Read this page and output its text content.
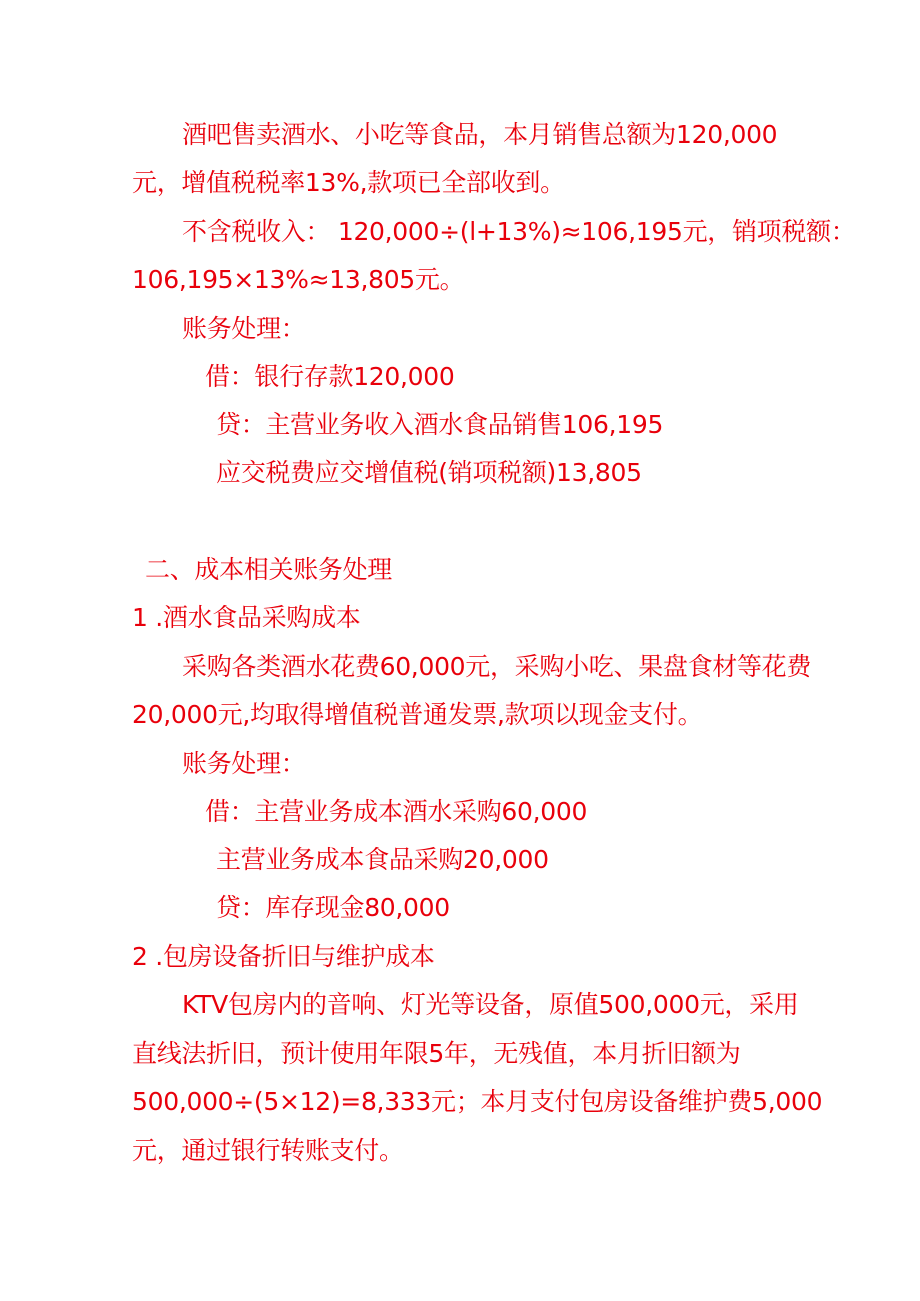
酒吧售卖酒水、小吃等食品，本月销售总额为120,000
元，增值税税率13%,款项已全部收到。
不含税收入： 120,000÷(l+13%)≈106,195元，销项税额：
106,195×13%≈13,805元。
账务处理：
借：银行存款120,000
贷：主营业务收入酒水食品销售106,195
应交税费应交增值税(销项税额)13,805
二、成本相关账务处理
1 .酒水食品采购成本
采购各类酒水花费60,000元，采购小吃、果盘食材等花费
20,000元,均取得增值税普通发票,款项以现金支付。
账务处理：
借：主营业务成本酒水采购60,000
主营业务成本食品采购20,000
贷：库存现金80,000
2 .包房设备折旧与维护成本
KTV包房内的音响、灯光等设备，原值500,000元，采用
直线法折旧，预计使用年限5年，无残值，本月折旧额为
500,000÷(5×12)=8,333元；本月支付包房设备维护费5,000
元，通过银行转账支付。
